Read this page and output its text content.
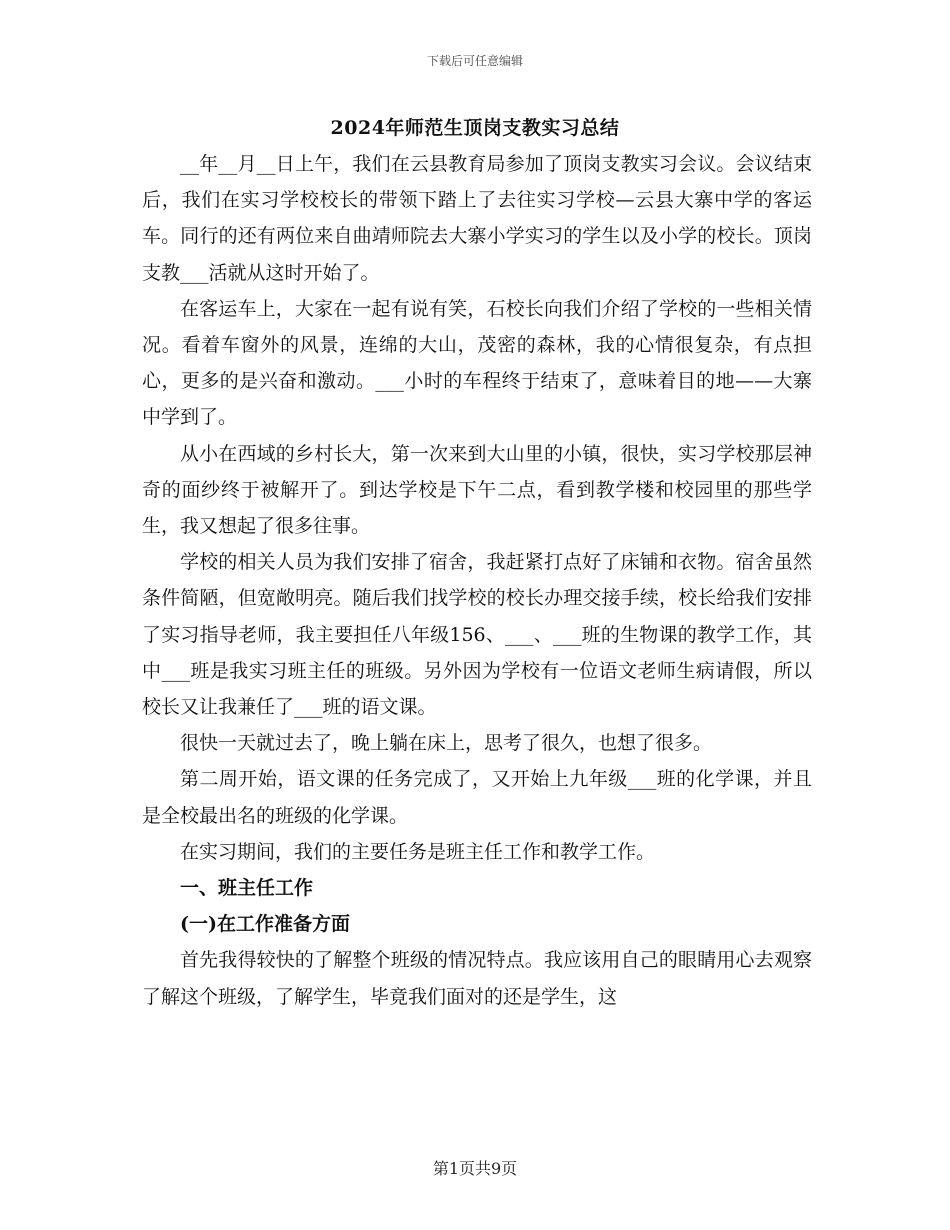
下载后可任意编辑
2024年师范生顶岗支教实习总结

__年__月__日上午，我们在云县教育局参加了顶岗支教实习会议。会议结束后，我们在实习学校校长的带领下踏上了去往实习学校—云县大寨中学的客运车。同行的还有两位来自曲靖师院去大寨小学实习的学生以及小学的校长。顶岗支教___活就从这时开始了。

在客运车上，大家在一起有说有笑，石校长向我们介绍了学校的一些相关情况。看着车窗外的风景，连绵的大山，茂密的森林，我的心情很复杂，有点担心，更多的是兴奋和激动。___小时的车程终于结束了，意味着目的地——大寨中学到了。

从小在西域的乡村长大，第一次来到大山里的小镇，很快，实习学校那层神奇的面纱终于被解开了。到达学校是下午二点，看到教学楼和校园里的那些学生，我又想起了很多往事。

学校的相关人员为我们安排了宿舍，我赶紧打点好了床铺和衣物。宿舍虽然条件简陋，但宽敞明亮。随后我们找学校的校长办理交接手续，校长给我们安排了实习指导老师，我主要担任八年级156、___、___班的生物课的教学工作，其中___班是我实习班主任的班级。另外因为学校有一位语文老师生病请假，所以校长又让我兼任了___班的语文课。

很快一天就过去了，晚上躺在床上，思考了很久，也想了很多。

第二周开始，语文课的任务完成了，又开始上九年级___班的化学课，并且是全校最出名的班级的化学课。

在实习期间，我们的主要任务是班主任工作和教学工作。

一、班主任工作

(一)在工作准备方面

首先我得较快的了解整个班级的情况特点。我应该用自己的眼睛用心去观察了解这个班级，了解学生，毕竟我们面对的还是学生，这

第1页共9页
